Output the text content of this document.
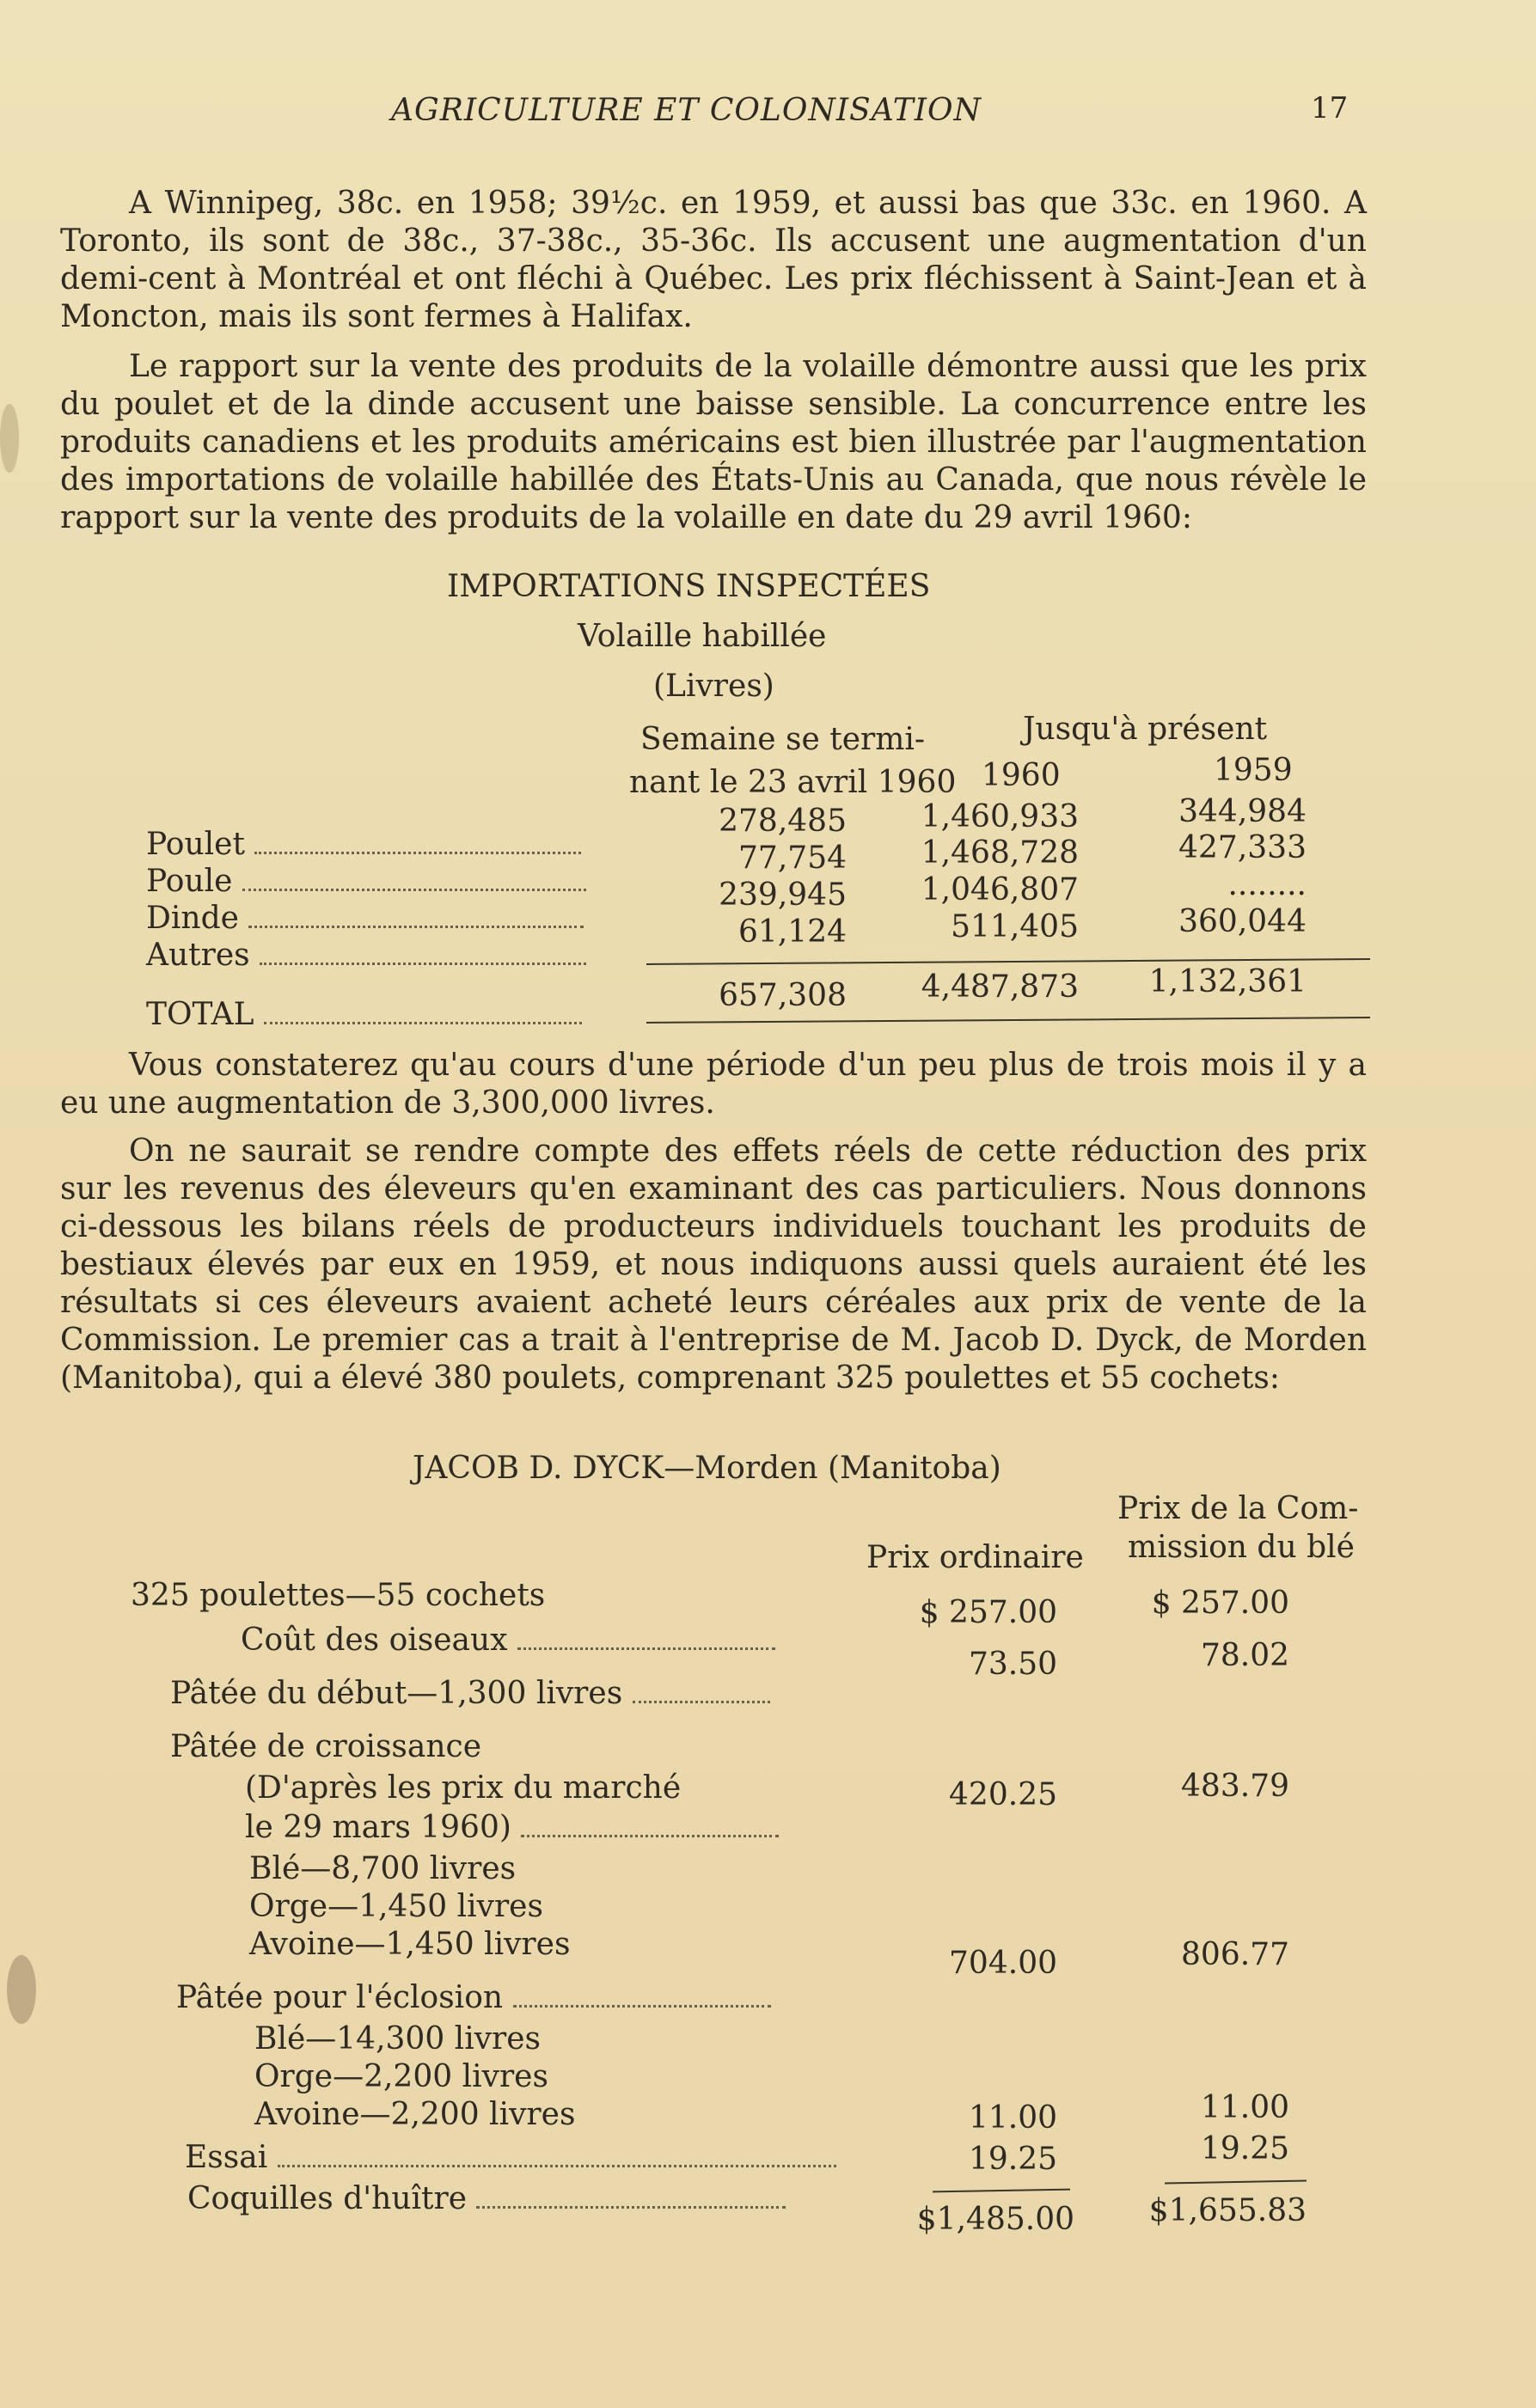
AGRICULTURE ET COLONISATION	17

A Winnipeg, 38c. en 1958; 39½c. en 1959, et aussi bas que 33c. en 1960. A Toronto, ils sont de 38c., 37-38c., 35-36c. Ils accusent une augmentation d'un demi-cent à Montréal et ont fléchi à Québec. Les prix fléchissent à Saint-Jean et à Moncton, mais ils sont fermes à Halifax.

Le rapport sur la vente des produits de la volaille démontre aussi que les prix du poulet et de la dinde accusent une baisse sensible. La concurrence entre les produits canadiens et les produits américains est bien illustrée par l'augmentation des importations de volaille habillée des États-Unis au Canada, que nous révèle le rapport sur la vente des produits de la volaille en date du 29 avril 1960:

IMPORTATIONS INSPECTÉES
Volaille habillée
(Livres)
Semaine se termi-
nant le 23 avril 1960
Jusqu'à présent
1960	1959
Poulet
Poule
Dinde
Autres
TOTAL
278,485
77,754
239,945
61,124
657,308
1,460,933
1,468,728
1,046,807
511,405
4,487,873
344,984
427,333
........
360,044
1,132,361

Vous constaterez qu'au cours d'une période d'un peu plus de trois mois il y a eu une augmentation de 3,300,000 livres.

On ne saurait se rendre compte des effets réels de cette réduction des prix sur les revenus des éleveurs qu'en examinant des cas particuliers. Nous donnons ci-dessous les bilans réels de producteurs individuels touchant les produits de bestiaux élevés par eux en 1959, et nous indiquons aussi quels auraient été les résultats si ces éleveurs avaient acheté leurs céréales aux prix de vente de la Commission. Le premier cas a trait à l'entreprise de M. Jacob D. Dyck, de Morden (Manitoba), qui a élevé 380 poulets, comprenant 325 poulettes et 55 cochets:

JACOB D. DYCK—Morden (Manitoba)
Prix de la Com-
mission du blé
Prix ordinaire
325 poulettes—55 cochets
Coût des oiseaux
Pâtée du début—1,300 livres
Pâtée de croissance
(D'après les prix du marché
le 29 mars 1960)
Blé—8,700 livres
Orge—1,450 livres
Avoine—1,450 livres
Pâtée pour l'éclosion
Blé—14,300 livres
Orge—2,200 livres
Avoine—2,200 livres
Essai
Coquilles d'huître
$ 257.00
73.50
420.25
704.00
11.00
19.25
$1,485.00
$ 257.00
78.02
483.79
806.77
11.00
19.25
$1,655.83
